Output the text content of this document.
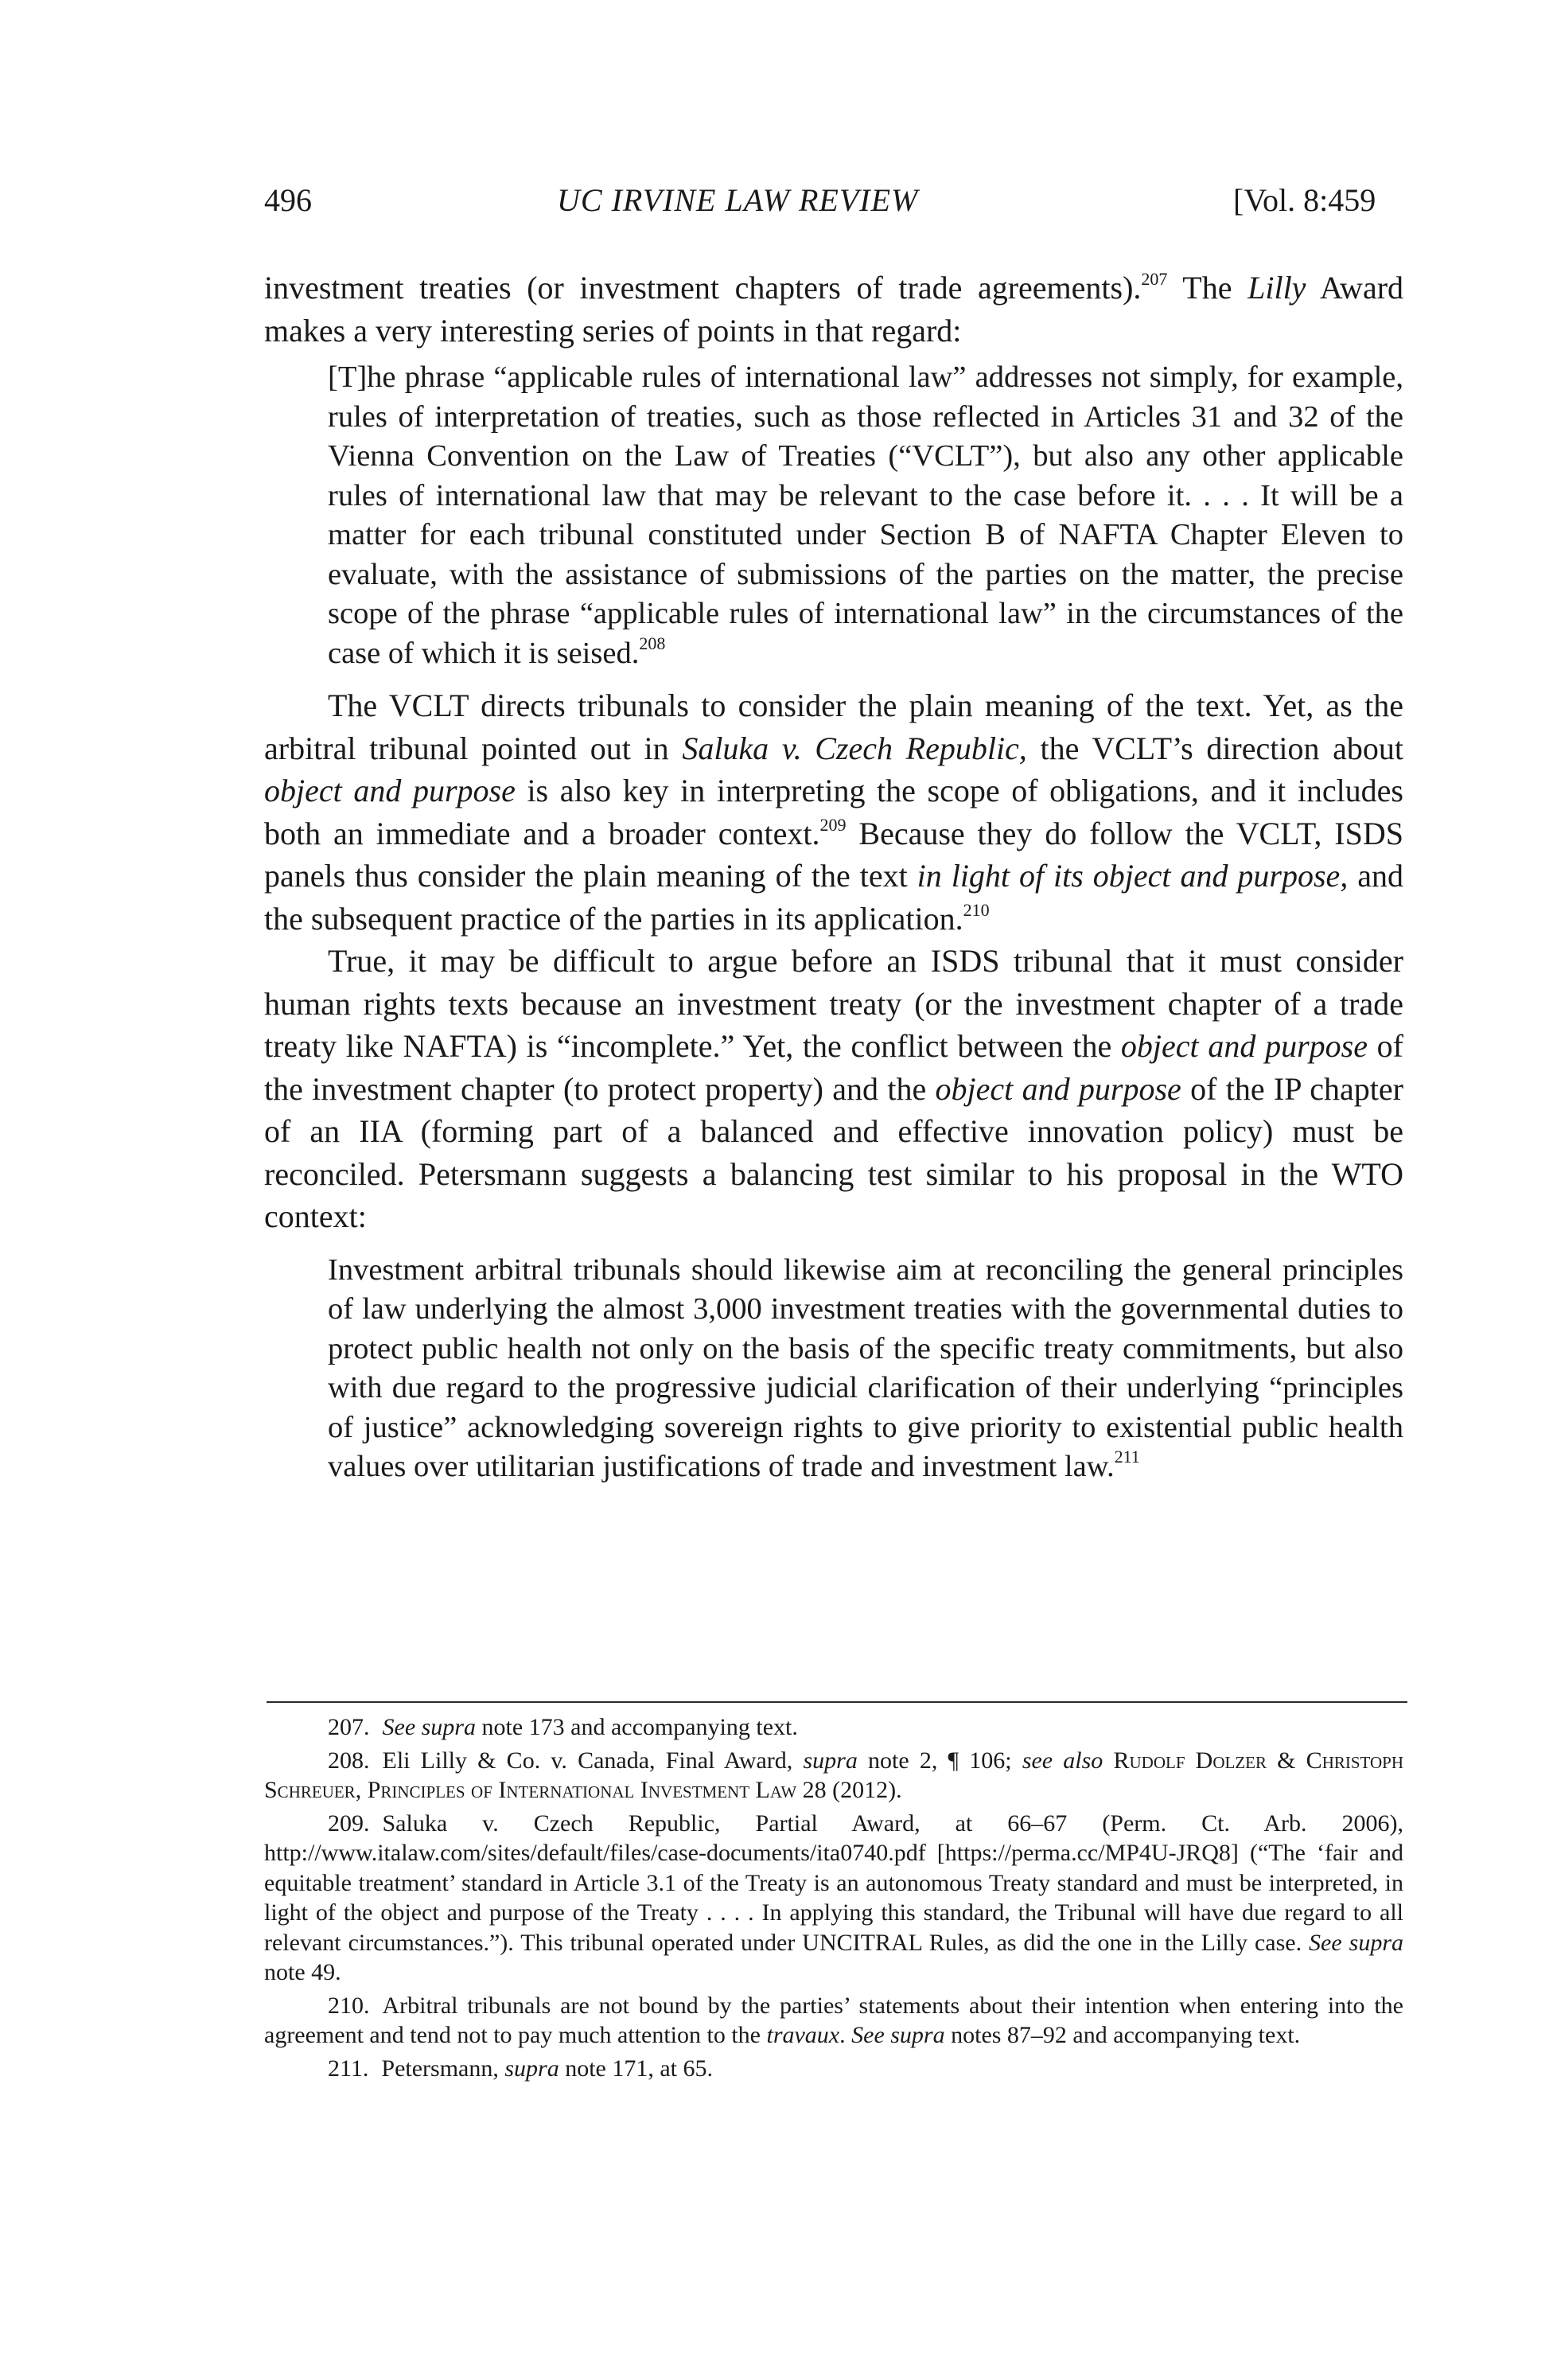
496	UC IRVINE LAW REVIEW	[Vol. 8:459

investment treaties (or investment chapters of trade agreements).$^{207}$ The Lilly Award makes a very interesting series of points in that regard:

[T]he phrase “applicable rules of international law” addresses not simply, for example, rules of interpretation of treaties, such as those reflected in Articles 31 and 32 of the Vienna Convention on the Law of Treaties (“VCLT”), but also any other applicable rules of international law that may be relevant to the case before it. . . . It will be a matter for each tribunal constituted under Section B of NAFTA Chapter Eleven to evaluate, with the assistance of submissions of the parties on the matter, the precise scope of the phrase “applicable rules of international law” in the circumstances of the case of which it is seised.$^{208}$

The VCLT directs tribunals to consider the plain meaning of the text. Yet, as the arbitral tribunal pointed out in Saluka v. Czech Republic, the VCLT’s direction about object and purpose is also key in interpreting the scope of obligations, and it includes both an immediate and a broader context.$^{209}$ Because they do follow the VCLT, ISDS panels thus consider the plain meaning of the text in light of its object and purpose, and the subsequent practice of the parties in its application.$^{210}$

True, it may be difficult to argue before an ISDS tribunal that it must consider human rights texts because an investment treaty (or the investment chapter of a trade treaty like NAFTA) is “incomplete.” Yet, the conflict between the object and purpose of the investment chapter (to protect property) and the object and purpose of the IP chapter of an IIA (forming part of a balanced and effective innovation policy) must be reconciled. Petersmann suggests a balancing test similar to his proposal in the WTO context:

Investment arbitral tribunals should likewise aim at reconciling the general principles of law underlying the almost 3,000 investment treaties with the governmental duties to protect public health not only on the basis of the specific treaty commitments, but also with due regard to the progressive judicial clarification of their underlying “principles of justice” acknowledging sovereign rights to give priority to existential public health values over utilitarian justifications of trade and investment law.$^{211}$

207. See supra note 173 and accompanying text.

208. Eli Lilly & Co. v. Canada, Final Award, supra note 2, ¶ 106; see also Rudolf Dolzer & Christoph Schreuer, Principles of International Investment Law 28 (2012).

209. Saluka v. Czech Republic, Partial Award, at 66–67 (Perm. Ct. Arb. 2006), http://www.italaw.com/sites/default/files/case-documents/ita0740.pdf [https://perma.cc/MP4U-JRQ8] (“The ‘fair and equitable treatment’ standard in Article 3.1 of the Treaty is an autonomous Treaty standard and must be interpreted, in light of the object and purpose of the Treaty . . . . In applying this standard, the Tribunal will have due regard to all relevant circumstances.”). This tribunal operated under UNCITRAL Rules, as did the one in the Lilly case. See supra note 49.

210. Arbitral tribunals are not bound by the parties’ statements about their intention when entering into the agreement and tend not to pay much attention to the travaux. See supra notes 87–92 and accompanying text.

211. Petersmann, supra note 171, at 65.
